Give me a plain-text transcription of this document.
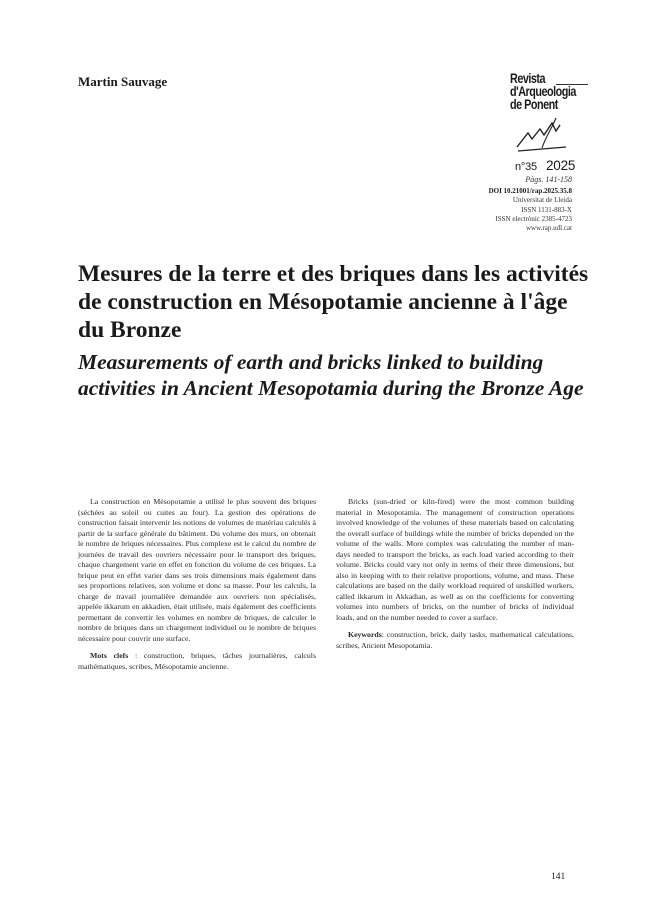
Martin Sauvage	Revista
d'Arqueologia
de Ponent
n°35 2025
Pàgs. 141-158
DOI 10.21001/rap.2025.35.8
Universitat de Lleida
ISSN 1131-883-X
ISSN electrònic 2385-4723
www.rap.udl.cat
Mesures de la terre et des briques dans les activités de construction en Mésopotamie ancienne à l'âge du Bronze
Measurements of earth and bricks linked to building activities in Ancient Mesopotamia during the Bronze Age

La construction en Mésopotamie a utilisé le plus souvent des briques (séchées au soleil ou cuites au four). La gestion des opérations de construction faisait intervenir les notions de volumes de matériau calculés à partir de la surface générale du bâtiment. Du volume des murs, on obtenait le nombre de briques nécessaires. Plus complexe est le calcul du nombre de journées de travail des ouvriers nécessaire pour le transport des briques, chaque chargement varie en effet en fonction du volume de ces briques. La brique peut en effet varier dans ses trois dimensions mais également dans ses proportions relatives, son volume et donc sa masse. Pour les calculs, la charge de travail journalière demandée aux ouvriers non spécialisés, appelée ikkarum en akkadien, était utilisée, mais également des coefficients permettant de convertir les volumes en nombre de briques, de calculer le nombre de briques dans un chargement individuel ou le nombre de briques nécessaire pour couvrir une surface.

Mots clefs : construction, briques, tâches journalières, calculs mathématiques, scribes, Mésopotamie ancienne.

Bricks (sun-dried or kiln-fired) were the most common building material in Mesopotamia. The management of construction operations involved knowledge of the volumes of these materials based on calculating the overall surface of buildings while the number of bricks depended on the volume of the walls. More complex was calculating the number of man-days needed to transport the bricks, as each load varied according to their volume. Bricks could vary not only in terms of their three dimensions, but also in keeping with to their relative proportions, volume, and mass. These calculations are based on the daily workload required of unskilled workers, called ikkarum in Akkadian, as well as on the coefficients for converting volumes into numbers of bricks, on the number of bricks of individual loads, and on the number needed to cover a surface.

Keywords: construction, brick, daily tasks, mathematical calculations, scribes, Ancient Mesopotamia.

141
